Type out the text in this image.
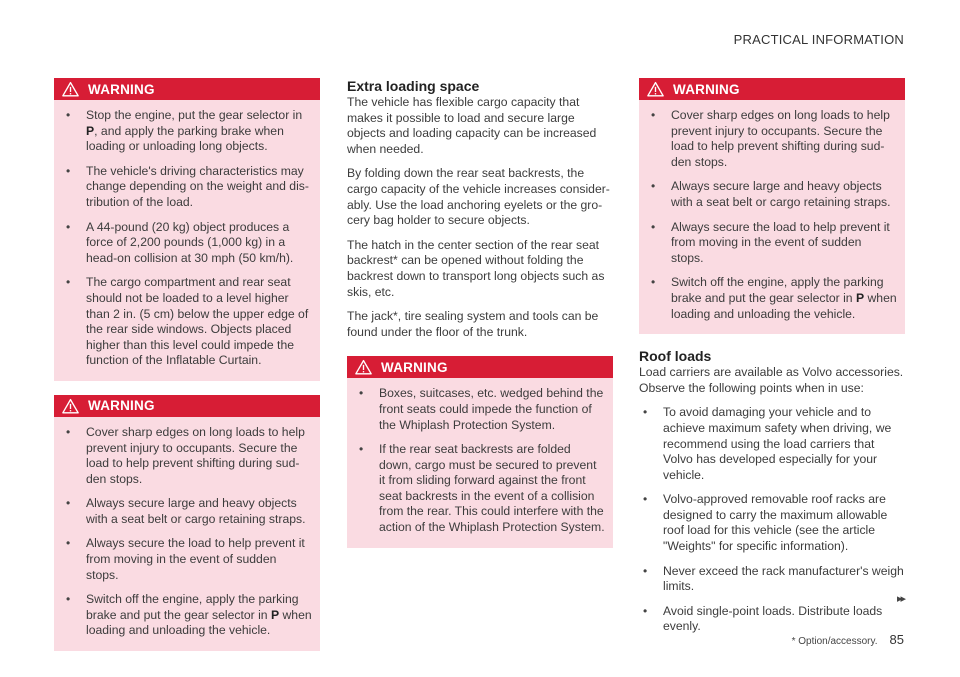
PRACTICAL INFORMATION
WARNING
• Stop the engine, put the gear selector in P, and apply the parking brake when loading or unloading long objects.
• The vehicle's driving characteristics may change depending on the weight and dis-tribution of the load.
• A 44-pound (20 kg) object produces a force of 2,200 pounds (1,000 kg) in a head-on collision at 30 mph (50 km/h).
• The cargo compartment and rear seat should not be loaded to a level higher than 2 in. (5 cm) below the upper edge of the rear side windows. Objects placed higher than this level could impede the function of the Inflatable Curtain.
WARNING
• Cover sharp edges on long loads to help prevent injury to occupants. Secure the load to help prevent shifting during sud-den stops.
• Always secure large and heavy objects with a seat belt or cargo retaining straps.
• Always secure the load to help prevent it from moving in the event of sudden stops.
• Switch off the engine, apply the parking brake and put the gear selector in P when loading and unloading the vehicle.
Extra loading space

The vehicle has flexible cargo capacity that makes it possible to load and secure large objects and loading capacity can be increased when needed.

By folding down the rear seat backrests, the cargo capacity of the vehicle increases consider-ably. Use the load anchoring eyelets or the gro-cery bag holder to secure objects.

The hatch in the center section of the rear seat backrest* can be opened without folding the backrest down to transport long objects such as skis, etc.

The jack*, tire sealing system and tools can be found under the floor of the trunk.

WARNING
• Boxes, suitcases, etc. wedged behind the front seats could impede the function of the Whiplash Protection System.
• If the rear seat backrests are folded down, cargo must be secured to prevent it from sliding forward against the front seat backrests in the event of a collision from the rear. This could interfere with the action of the Whiplash Protection System.
WARNING
• Cover sharp edges on long loads to help prevent injury to occupants. Secure the load to help prevent shifting during sud-den stops.
• Always secure large and heavy objects with a seat belt or cargo retaining straps.
• Always secure the load to help prevent it from moving in the event of sudden stops.
• Switch off the engine, apply the parking brake and put the gear selector in P when loading and unloading the vehicle.
Roof loads

Load carriers are available as Volvo accessories. Observe the following points when in use:

• To avoid damaging your vehicle and to achieve maximum safety when driving, we recommend using the load carriers that Volvo has developed especially for your vehicle.
• Volvo-approved removable roof racks are designed to carry the maximum allowable roof load for this vehicle (see the article "Weights" for specific information).
• Never exceed the rack manufacturer's weigh limits.
• Avoid single-point loads. Distribute loads evenly.
▸▸
* Option/accessory. 85
